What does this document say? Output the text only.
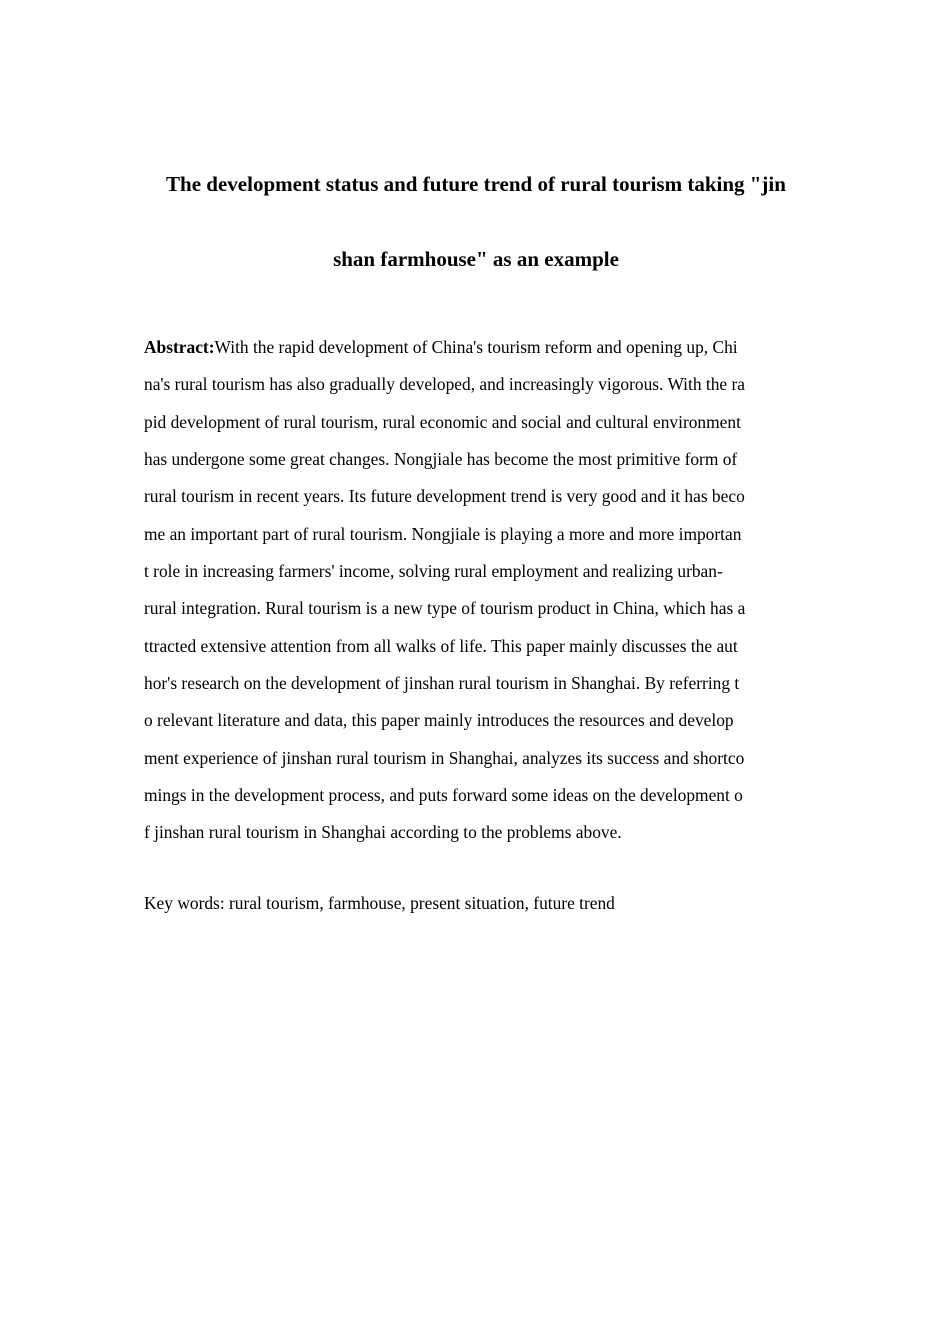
The development status and future trend of rural tourism taking "jin
shan farmhouse" as an example
Abstract:With the rapid development of China's tourism reform and opening up, Chi
na's rural tourism has also gradually developed, and increasingly vigorous. With the ra
pid development of rural tourism, rural economic and social and cultural environment
has undergone some great changes. Nongjiale has become the most primitive form of
rural tourism in recent years. Its future development trend is very good and it has beco
me an important part of rural tourism. Nongjiale is playing a more and more importan
t role in increasing farmers' income, solving rural employment and realizing urban-
rural integration. Rural tourism is a new type of tourism product in China, which has a
ttracted extensive attention from all walks of life. This paper mainly discusses the aut
hor's research on the development of jinshan rural tourism in Shanghai. By referring t
o relevant literature and data, this paper mainly introduces the resources and develop
ment experience of jinshan rural tourism in Shanghai, analyzes its success and shortco
mings in the development process, and puts forward some ideas on the development o
f jinshan rural tourism in Shanghai according to the problems above.
Key words: rural tourism, farmhouse, present situation, future trend
